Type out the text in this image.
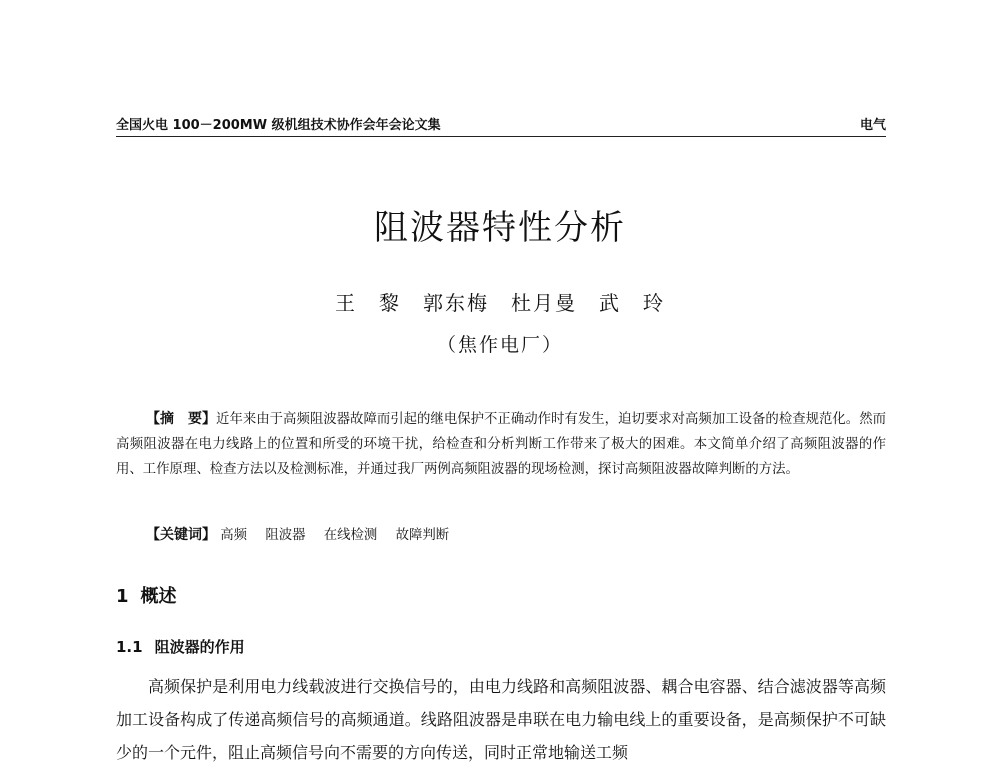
全国火电 100－200MW 级机组技术协作会年会论文集	电气
阻波器特性分析
王　黎　郭东梅　杜月曼　武　玲
（焦作电厂）

【摘　要】近年来由于高频阻波器故障而引起的继电保护不正确动作时有发生，迫切要求对高频加工设备的检查规范化。然而高频阻波器在电力线路上的位置和所受的环境干扰，给检查和分析判断工作带来了极大的困难。本文简单介绍了高频阻波器的作用、工作原理、检查方法以及检测标准，并通过我厂两例高频阻波器的现场检测，探讨高频阻波器故障判断的方法。

【关键词】 高频 阻波器 在线检测 故障判断
1 概述
1.1 阻波器的作用

高频保护是利用电力线载波进行交换信号的，由电力线路和高频阻波器、耦合电容器、结合滤波器等高频加工设备构成了传递高频信号的高频通道。线路阻波器是串联在电力输电线上的重要设备，是高频保护不可缺少的一个元件，阻止高频信号向不需要的方向传送，同时正常地输送工频
